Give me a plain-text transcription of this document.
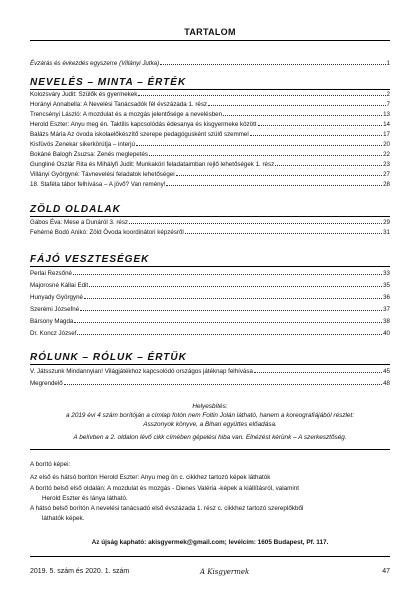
TARTALOM
Évzárás és évkezdés egyszerre (Villányi Jutka)	1
NEVELÉS – MINTA – ÉRTÉK
Kolozsváry Judit: Szülők és gyermekek	2
Horányi Annabella: A Nevelési Tanácsadók fél évszázada 1. rész	7
Trencsényi László: A mozdulat és a mozgás jelentősége a nevelésben	13
Herold Eszter: Anyu meg én. Taktilis kapcsolódás édesanya és kisgyermeke között	14
Balázs Mária Az óvoda iskolaelőkészítő szerepe pedagógusként szülő szemmel	17
Kisfüvös Zenekar sikerkörútja – interjú	20
Bokáné Balogh Zsuzsa: Zenés meglepetés	22
Gungliné Oszlár Rita és Mihályfi Judit: Munkaköri feladataimban rejlő lehetőségek 1. rész	23
Villányi Györgyné: Távnevelési feladatok lehetőségei	27
18. Staféta tábor felhívása – A jövő? Van remény!	28
ZÖLD OLDALAK
Gábos Éva: Mese a Dunáról 3. rész	29
Fehérné Bodó Anikó: Zöld Óvoda koordinátori képzésről	31
FÁJÓ VESZTESÉGEK
Perlai Rezsőné	33
Majorosné Kállai Edit	35
Hunyady Györgyné	36
Szerémi Józsefné	37
Bársony Magda	38
Dr. Koncz József	40
RÓLUNK – RÓLUK – ÉRTÜK
V. Játsszunk Mindannyian! Világjátékhoz kapcsolódó országos játéknap felhívása	45
Megrendelő	48
Helyesbítés:
a 2019 évi 4 szám borítóján a címlap fotón nem Foltin Jolán látható, hanem a koreografiájából részlet:
Asszonyok könyve, a Bihari együttes előadása.
A belívben a 2. oldalon lévő cikk címében gépelési hiba van. Elnézést kérünk – A szerkesztőség.
A borító képei:
Az első és hátsó borítón Herold Eszter: Anyu meg ön c. cikkhez tartozó képek láthatók
A borító belső első oldalán: A mozdulat és mozgás - Dienes Valéria -képek a kiállításról, valamint
Herold Eszter és lánya látható.
A hátsó belső borítón A nevelési tanácsadó első évszázada 1. rész c. cikkhez tartozó szereplőkből
láthatók képek.
Az újság kapható: akisgyermek@gmail.com; levélcím: 1605 Budapest, Pf. 117.
2019. 5. szám és 2020. 1. szám	A Kisgyermek	47
